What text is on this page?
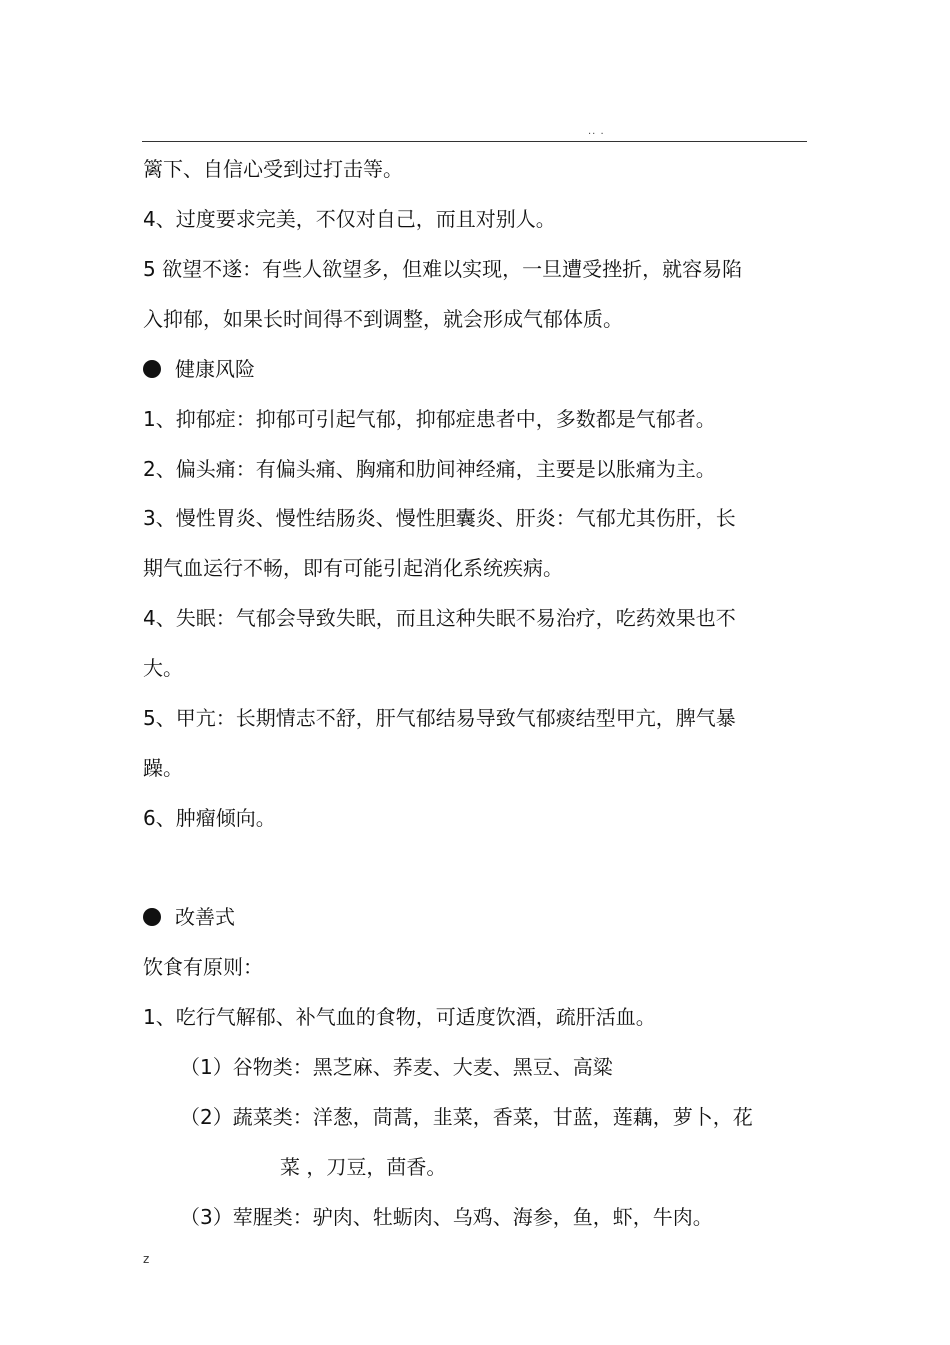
.. .
篱下、自信心受到过打击等。
4、过度要求完美，不仅对自己，而且对别人。
5 欲望不遂：有些人欲望多，但难以实现，一旦遭受挫折，就容易陷
入抑郁，如果长时间得不到调整，就会形成气郁体质。
健康风险
1、抑郁症：抑郁可引起气郁，抑郁症患者中，多数都是气郁者。
2、偏头痛：有偏头痛、胸痛和肋间神经痛，主要是以胀痛为主。
3、慢性胃炎、慢性结肠炎、慢性胆囊炎、肝炎：气郁尤其伤肝，长
期气血运行不畅，即有可能引起消化系统疾病。
4、失眠：气郁会导致失眠，而且这种失眠不易治疗，吃药效果也不
大。
5、甲亢：长期情志不舒，肝气郁结易导致气郁痰结型甲亢，脾气暴
躁。
6、肿瘤倾向。
改善式
饮食有原则：
1、吃行气解郁、补气血的食物，可适度饮酒，疏肝活血。
（1）谷物类：黑芝麻、荞麦、大麦、黑豆、高粱
（2）蔬菜类：洋葱，茼蒿，韭菜，香菜，甘蓝，莲藕，萝卜，花
菜 ，刀豆，茴香。
（3）荤腥类：驴肉、牡蛎肉、乌鸡、海参，鱼，虾，牛肉。
z
